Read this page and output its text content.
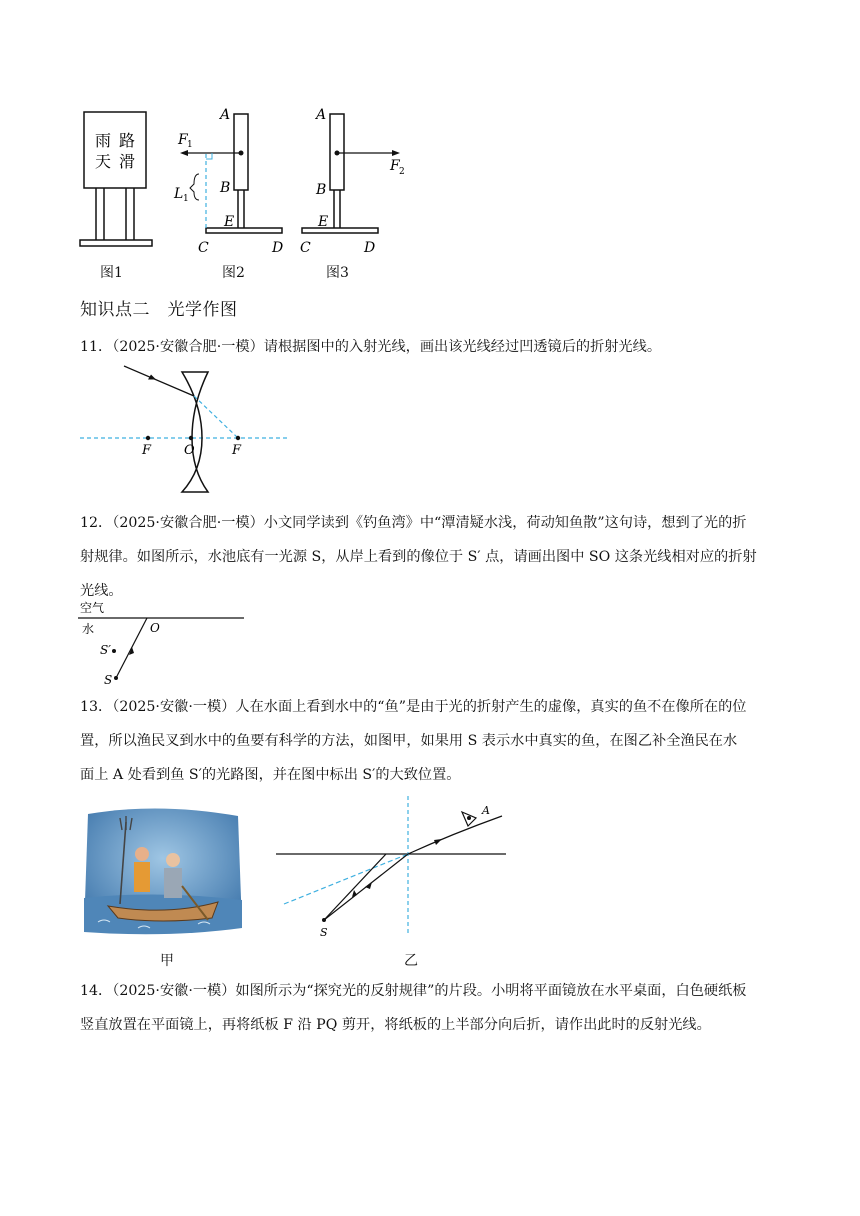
雨 路
天 滑
图1
A
B
E
C	D
F 1
L 1
图2
A
B
E
C	D
F 2
图3
知识点二　光学作图
11．（2025·安徽合肥·一模）请根据图中的入射光线，画出该光线经过凹透镜后的折射光线。
F	O	F
12．（2025·安徽合肥·一模）小文同学读到《钓鱼湾》中“潭清疑水浅，荷动知鱼散”这句诗，想到了光的折
射规律。如图所示，水池底有一光源 S，从岸上看到的像位于 S′ 点，请画出图中 SO 这条光线相对应的折射
光线。
空气
水	O
S′
S
13．（2025·安徽·一模）人在水面上看到水中的“鱼”是由于光的折射产生的虚像，真实的鱼不在像所在的位
置，所以渔民叉到水中的鱼要有科学的方法，如图甲，如果用 S 表示水中真实的鱼，在图乙补全渔民在水
面上 A 处看到鱼 S′的光路图，并在图中标出 S′的大致位置。
甲
A
S
乙
14．（2025·安徽·一模）如图所示为“探究光的反射规律”的片段。小明将平面镜放在水平桌面，白色硬纸板
竖直放置在平面镜上，再将纸板 F 沿 PQ 剪开，将纸板的上半部分向后折，请作出此时的反射光线。
